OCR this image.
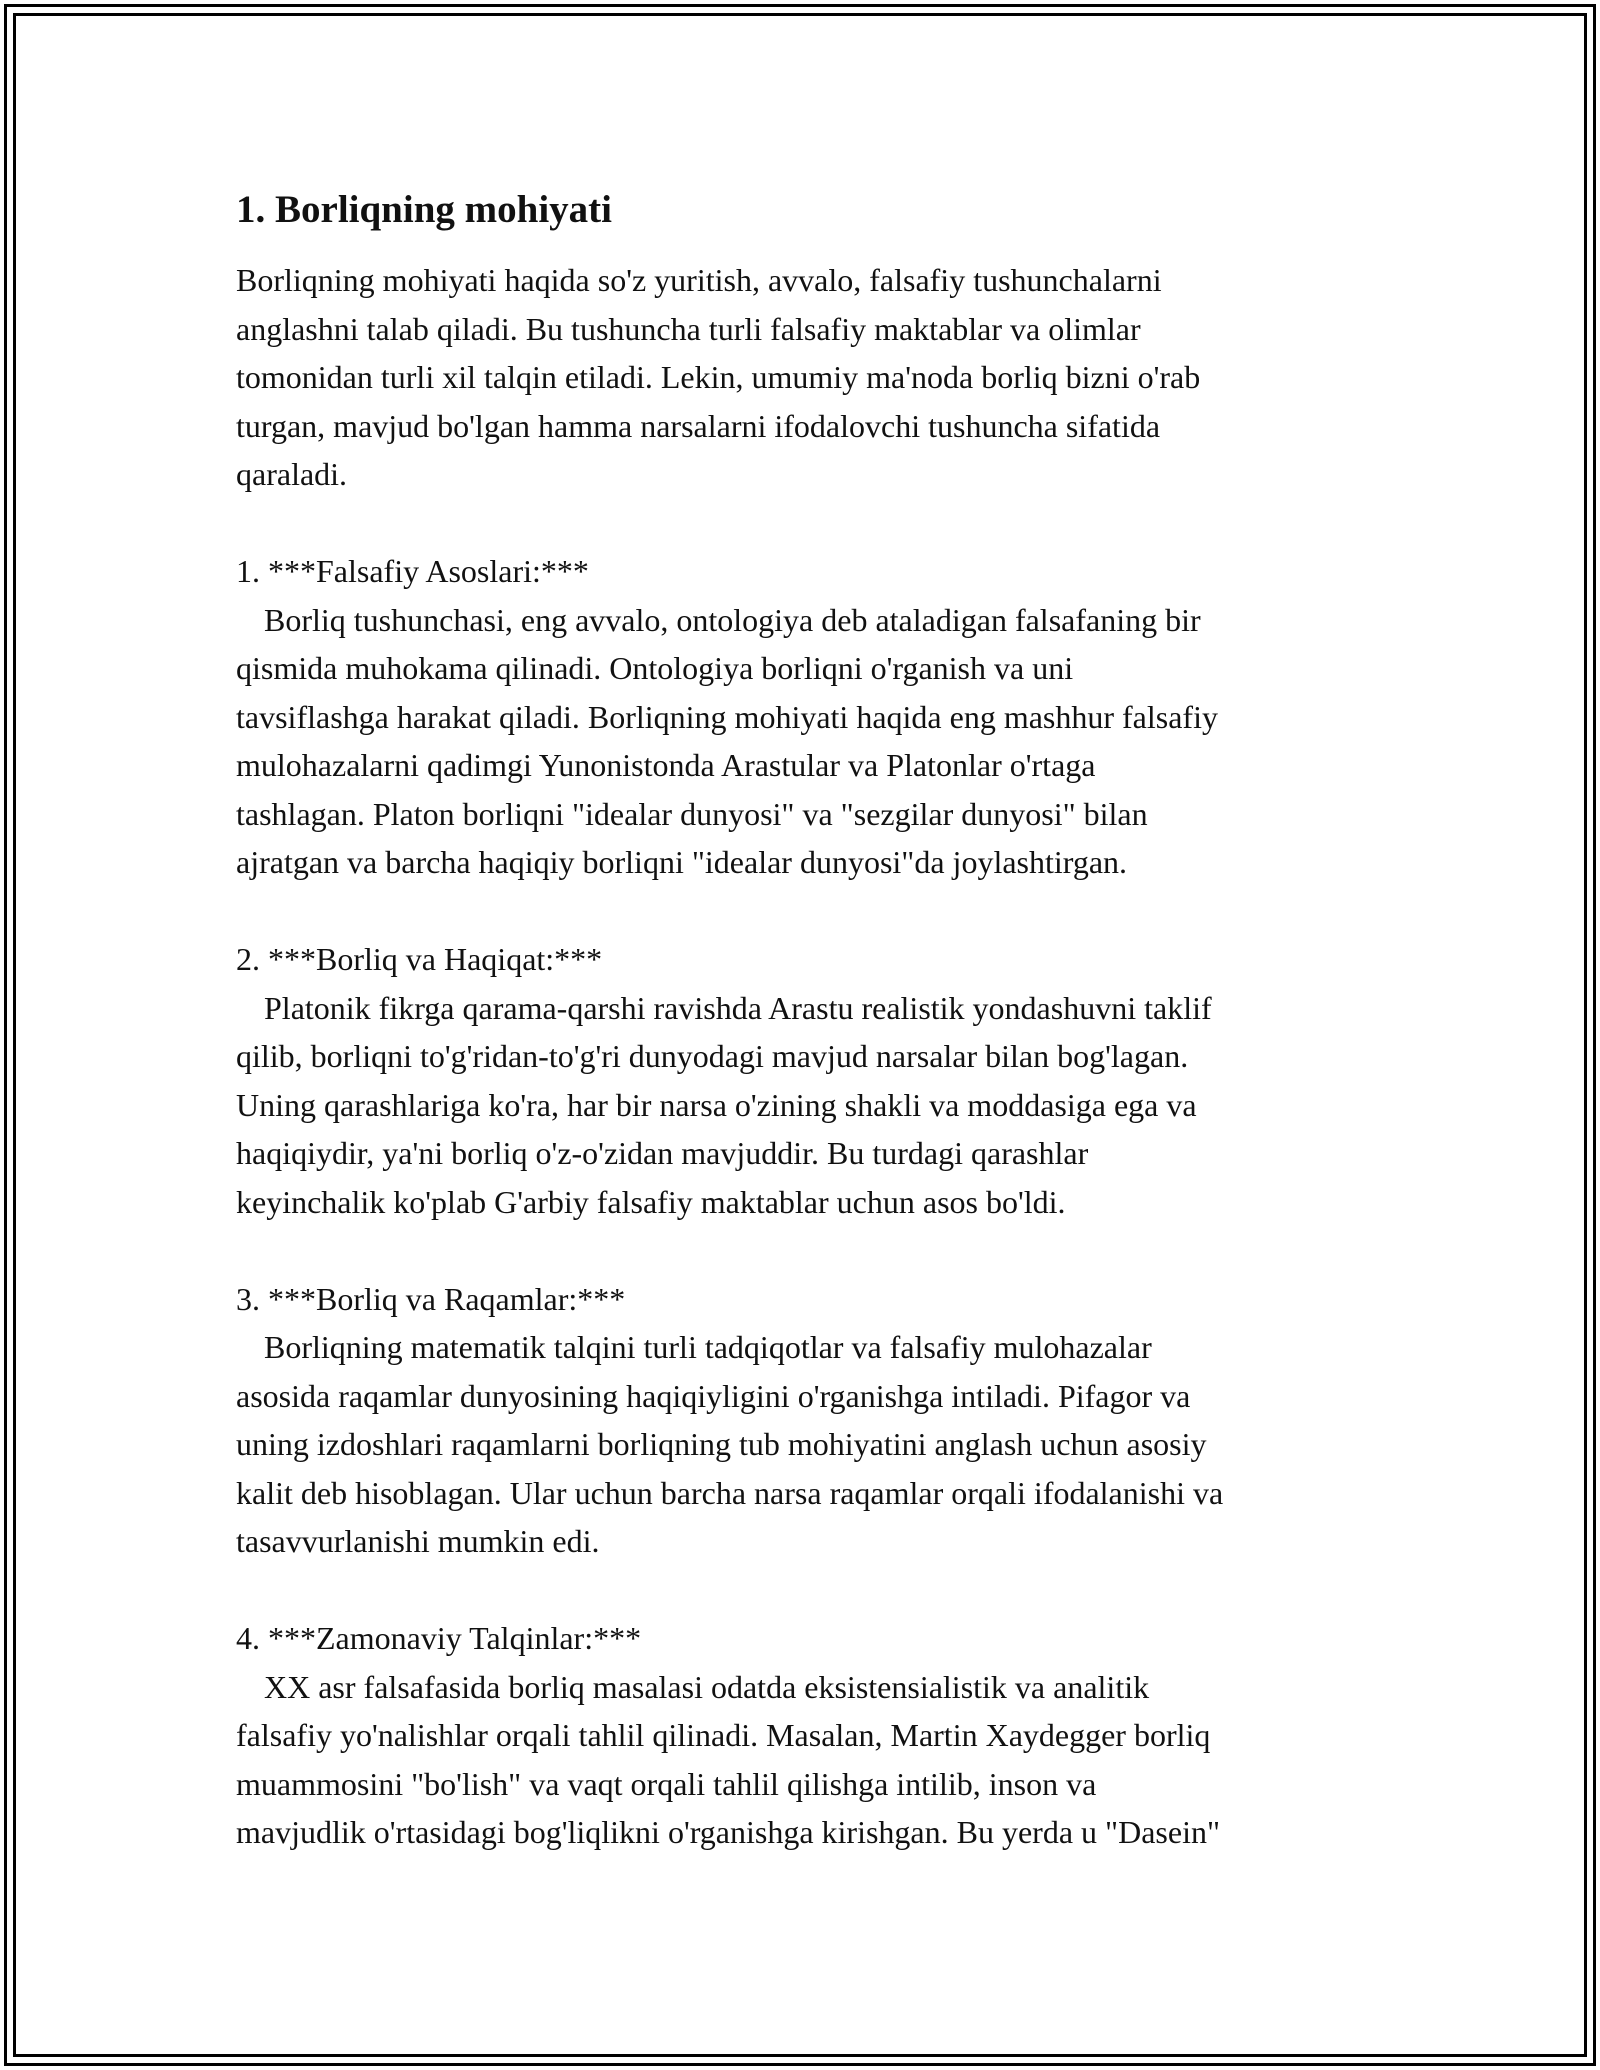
1. Borliqning mohiyati

Borliqning mohiyati haqida so'z yuritish, avvalo, falsafiy tushunchalarni

anglashni talab qiladi. Bu tushuncha turli falsafiy maktablar va olimlar

tomonidan turli xil talqin etiladi. Lekin, umumiy ma'noda borliq bizni o'rab

turgan, mavjud bo'lgan hamma narsalarni ifodalovchi tushuncha sifatida

qaraladi.

1. ***Falsafiy Asoslari:***

Borliq tushunchasi, eng avvalo, ontologiya deb ataladigan falsafaning bir

qismida muhokama qilinadi. Ontologiya borliqni o'rganish va uni

tavsiflashga harakat qiladi. Borliqning mohiyati haqida eng mashhur falsafiy

mulohazalarni qadimgi Yunonistonda Arastular va Platonlar o'rtaga

tashlagan. Platon borliqni "idealar dunyosi" va "sezgilar dunyosi" bilan

ajratgan va barcha haqiqiy borliqni "idealar dunyosi"da joylashtirgan.

2. ***Borliq va Haqiqat:***

Platonik fikrga qarama-qarshi ravishda Arastu realistik yondashuvni taklif

qilib, borliqni to'g'ridan-to'g'ri dunyodagi mavjud narsalar bilan bog'lagan.

Uning qarashlariga ko'ra, har bir narsa o'zining shakli va moddasiga ega va

haqiqiydir, ya'ni borliq o'z-o'zidan mavjuddir. Bu turdagi qarashlar

keyinchalik ko'plab G'arbiy falsafiy maktablar uchun asos bo'ldi.

3. ***Borliq va Raqamlar:***

Borliqning matematik talqini turli tadqiqotlar va falsafiy mulohazalar

asosida raqamlar dunyosining haqiqiyligini o'rganishga intiladi. Pifagor va

uning izdoshlari raqamlarni borliqning tub mohiyatini anglash uchun asosiy

kalit deb hisoblagan. Ular uchun barcha narsa raqamlar orqali ifodalanishi va

tasavvurlanishi mumkin edi.

4. ***Zamonaviy Talqinlar:***

XX asr falsafasida borliq masalasi odatda eksistensialistik va analitik

falsafiy yo'nalishlar orqali tahlil qilinadi. Masalan, Martin Xaydegger borliq

muammosini "bo'lish" va vaqt orqali tahlil qilishga intilib, inson va

mavjudlik o'rtasidagi bog'liqlikni o'rganishga kirishgan. Bu yerda u "Dasein"
